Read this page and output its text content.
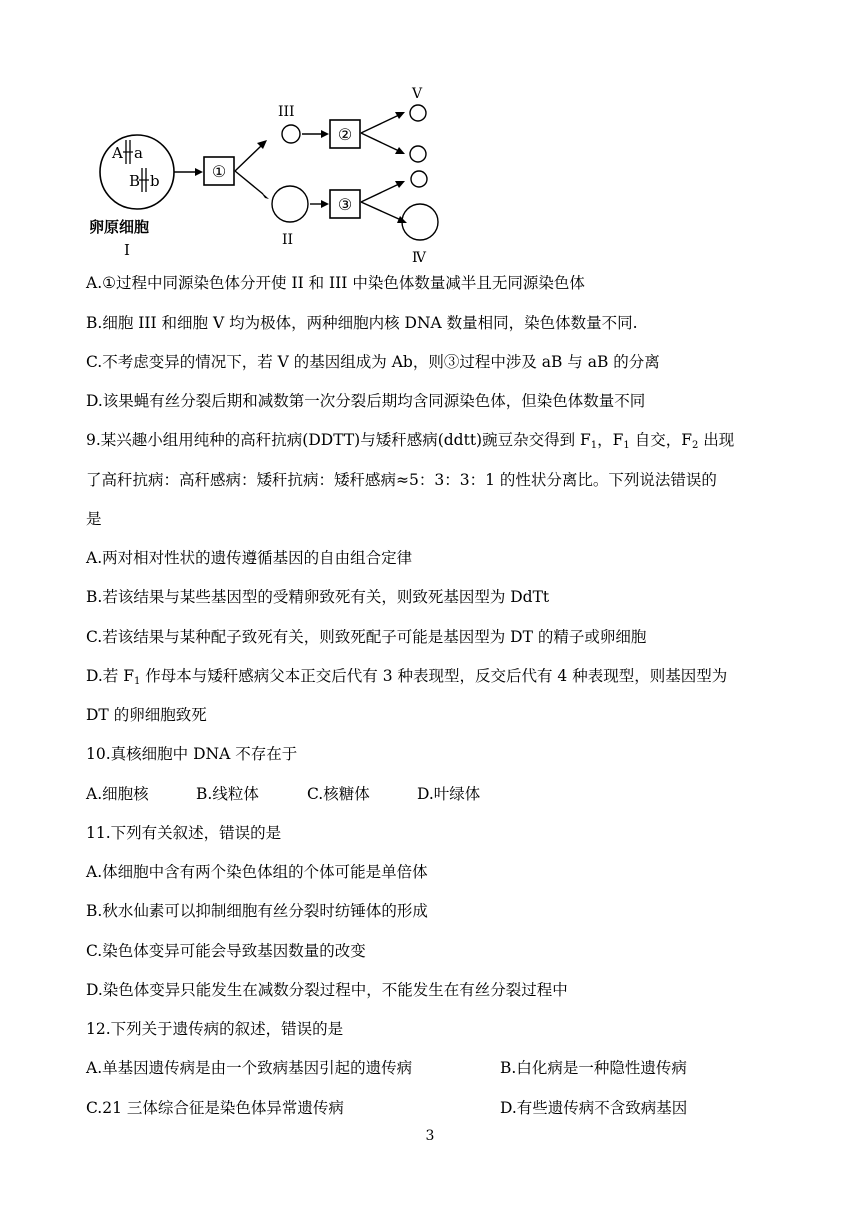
A a
B b
卵原细胞
I
①
III
II
②
③
V
Ⅳ
A.①过程中同源染色体分开使 II 和 III 中染色体数量减半且无同源染色体
B.细胞 III 和细胞 V 均为极体，两种细胞内核 DNA 数量相同，染色体数量不同.
C.不考虑变异的情况下，若 V 的基因组成为 Ab，则③过程中涉及 aB 与 aB 的分离
D.该果蝇有丝分裂后期和减数第一次分裂后期均含同源染色体，但染色体数量不同
9.某兴趣小组用纯种的高秆抗病(DDTT)与矮秆感病(ddtt)豌豆杂交得到 $F_1$，$F_1$ 自交，$F_2$ 出现
了高秆抗病：高秆感病：矮秆抗病：矮秆感病≈5：3：3：1 的性状分离比。下列说法错误的
是
A.两对相对性状的遗传遵循基因的自由组合定律
B.若该结果与某些基因型的受精卵致死有关，则致死基因型为 DdTt
C.若该结果与某种配子致死有关，则致死配子可能是基因型为 DT 的精子或卵细胞
D.若 $F_1$ 作母本与矮秆感病父本正交后代有 3 种表现型，反交后代有 4 种表现型，则基因型为
DT 的卵细胞致死
10.真核细胞中 DNA 不存在于
A.细胞核	B.线粒体	C.核糖体	D.叶绿体
11.下列有关叙述，错误的是
A.体细胞中含有两个染色体组的个体可能是单倍体
B.秋水仙素可以抑制细胞有丝分裂时纺锤体的形成
C.染色体变异可能会导致基因数量的改变
D.染色体变异只能发生在减数分裂过程中，不能发生在有丝分裂过程中
12.下列关于遗传病的叙述，错误的是
A.单基因遗传病是由一个致病基因引起的遗传病	B.白化病是一种隐性遗传病
C.21 三体综合征是染色体异常遗传病	D.有些遗传病不含致病基因
3
